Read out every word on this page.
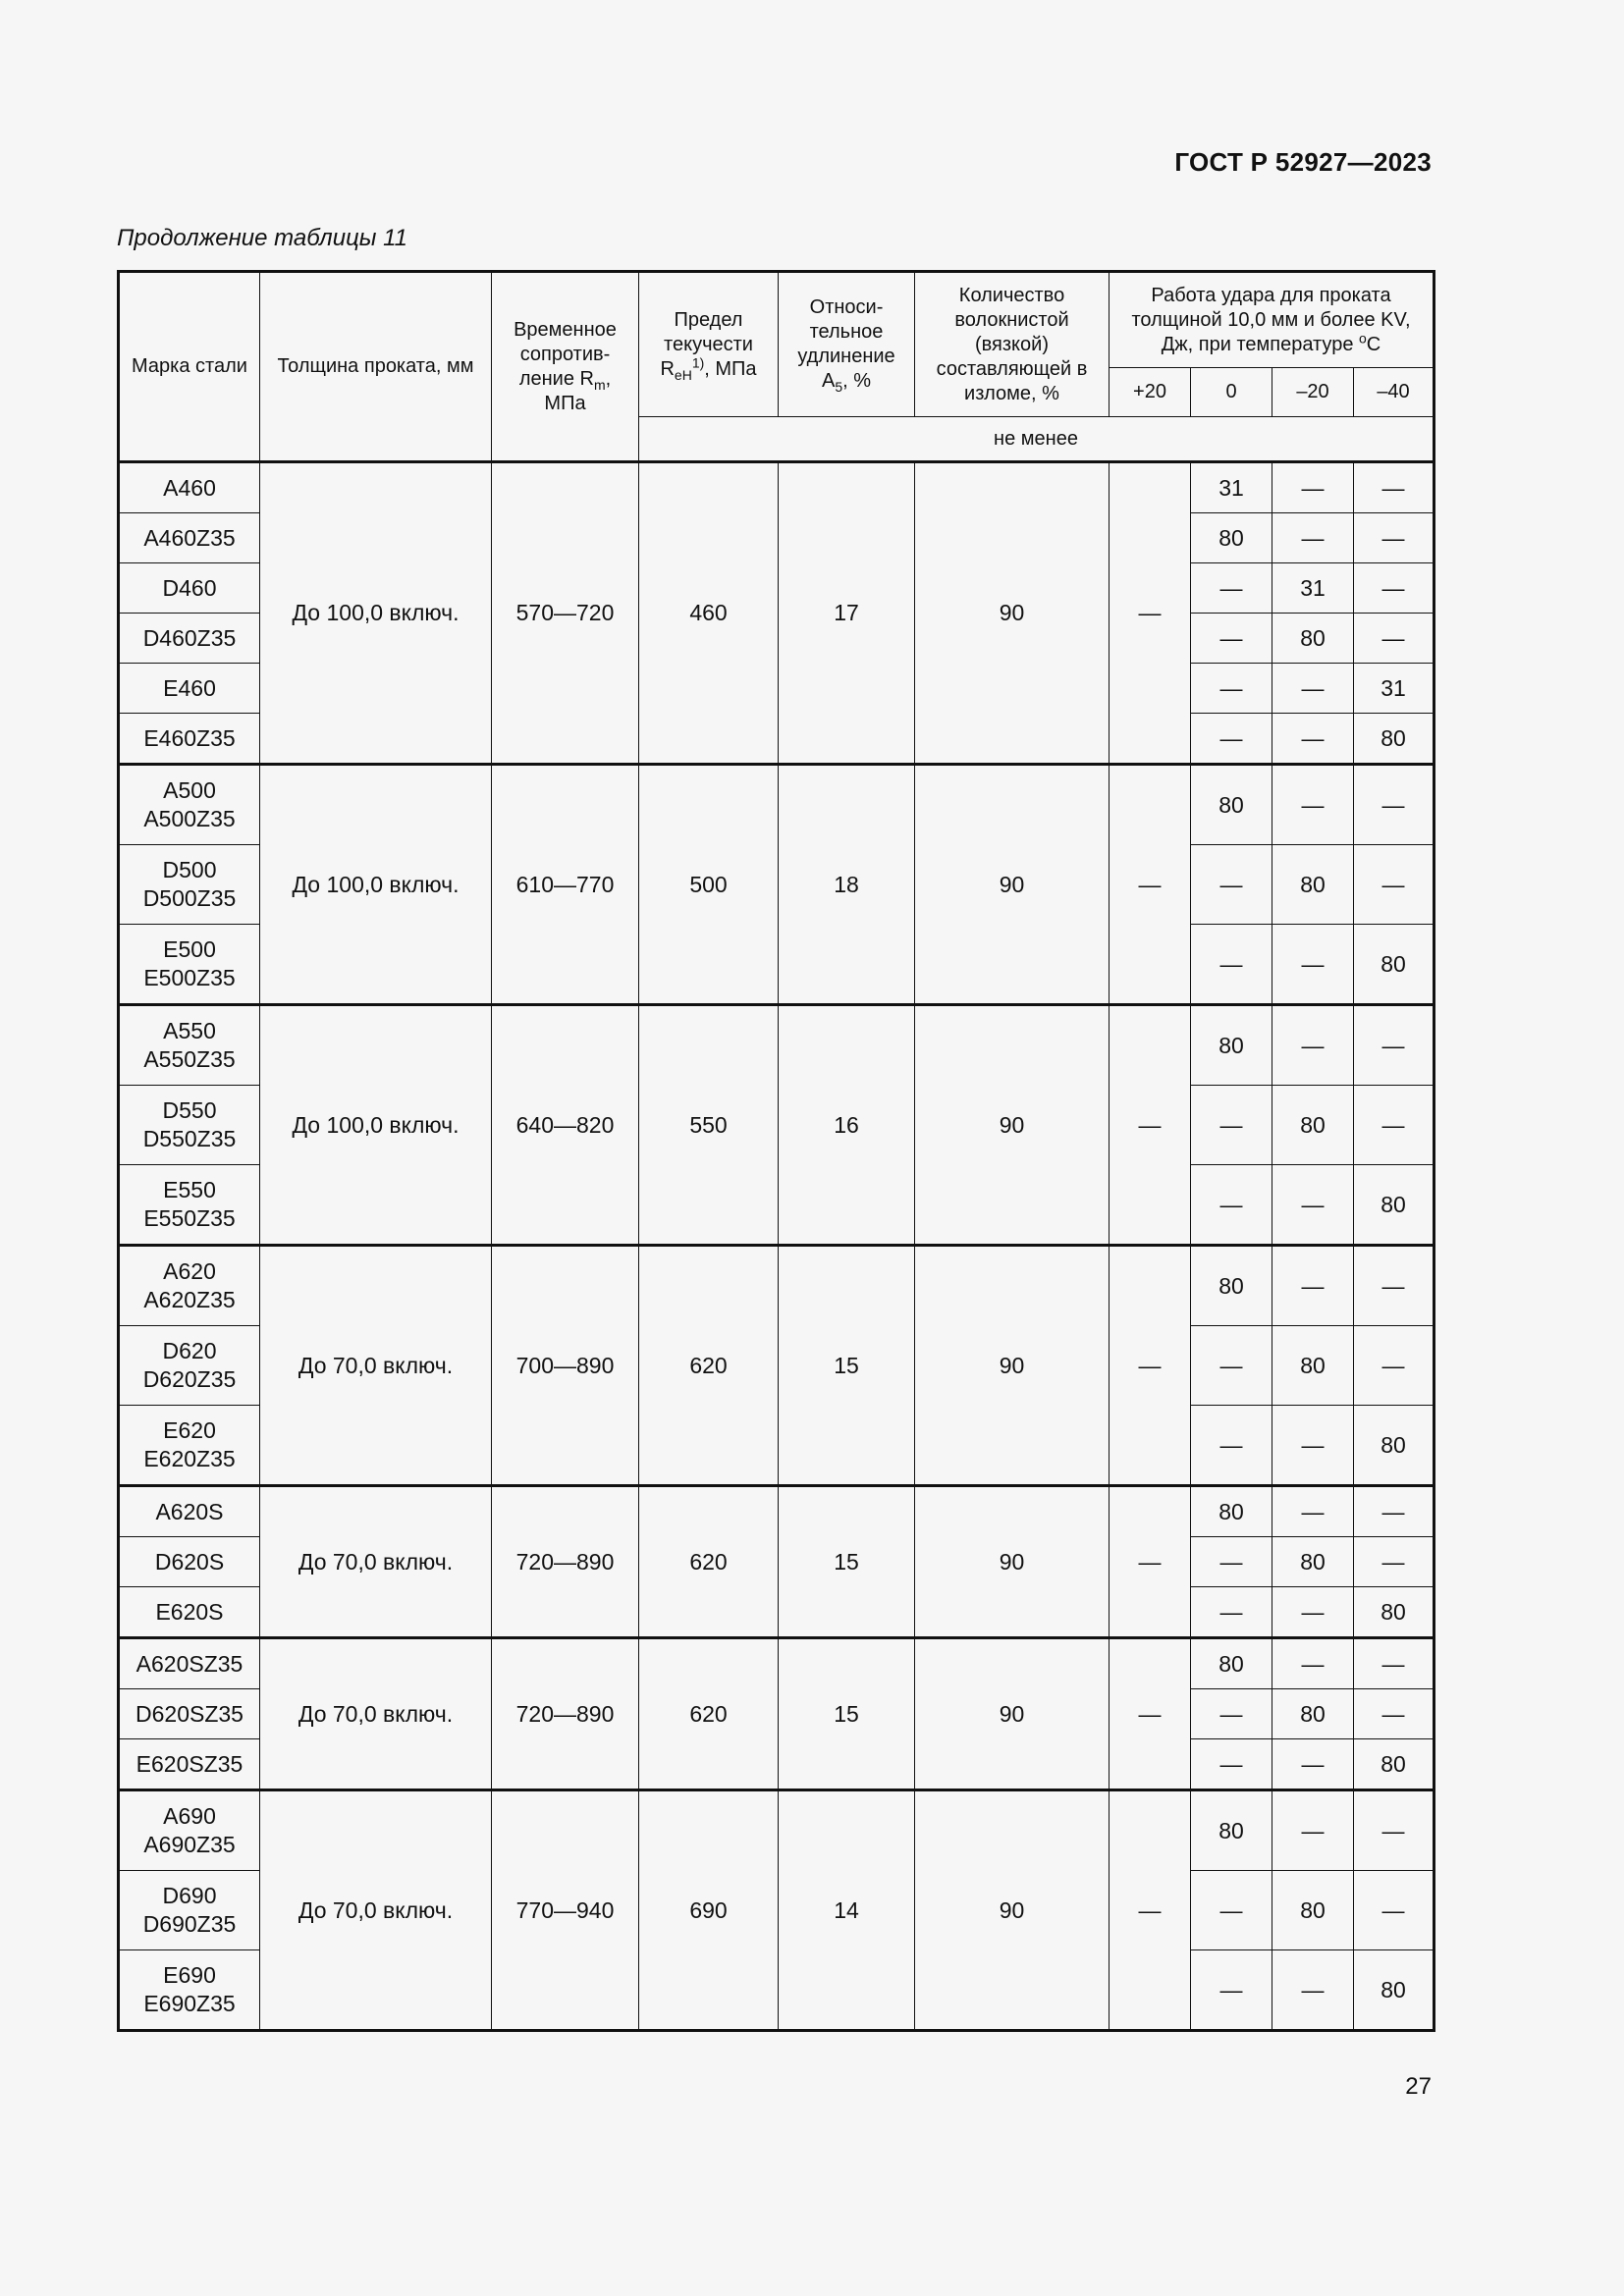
ГОСТ Р 52927—2023
Продолжение таблицы 11
Марка стали	Толщина проката, мм	Временное сопротив-ление $R_m$, МПа	Предел текучести $R_{eH}^{1)}$, МПа	Относи-тельное удлинение $A_5$, %	Количество волокнистой (вязкой) составляющей в изломе, %	Работа удара для проката толщиной 10,0 мм и более KV, Дж, при температуре $^o$C			
						+20	0	–20	–40
			не менее						

A460	До 100,0 включ.	570—720	460	17	90	—	31	—	—

A460Z35							80	—	—

D460							—	31	—

D460Z35							—	80	—

E460							—	—	31

E460Z35							—	—	80

A500
A500Z35	До 100,0 включ.	610—770	500	18	90	—	80	—	—

D500
D500Z35							—	80	—

E500
E500Z35							—	—	80

A550
A550Z35	До 100,0 включ.	640—820	550	16	90	—	80	—	—

D550
D550Z35							—	80	—

E550
E550Z35							—	—	80

A620
A620Z35	До 70,0 включ.	700—890	620	15	90	—	80	—	—

D620
D620Z35							—	80	—

E620
E620Z35							—	—	80

A620S	До 70,0 включ.	720—890	620	15	90	—	80	—	—

D620S							—	80	—

E620S							—	—	80

A620SZ35	До 70,0 включ.	720—890	620	15	90	—	80	—	—

D620SZ35							—	80	—

E620SZ35							—	—	80

A690
A690Z35	До 70,0 включ.	770—940	690	14	90	—	80	—	—

D690
D690Z35							—	80	—

E690
E690Z35							—	—	80
27
